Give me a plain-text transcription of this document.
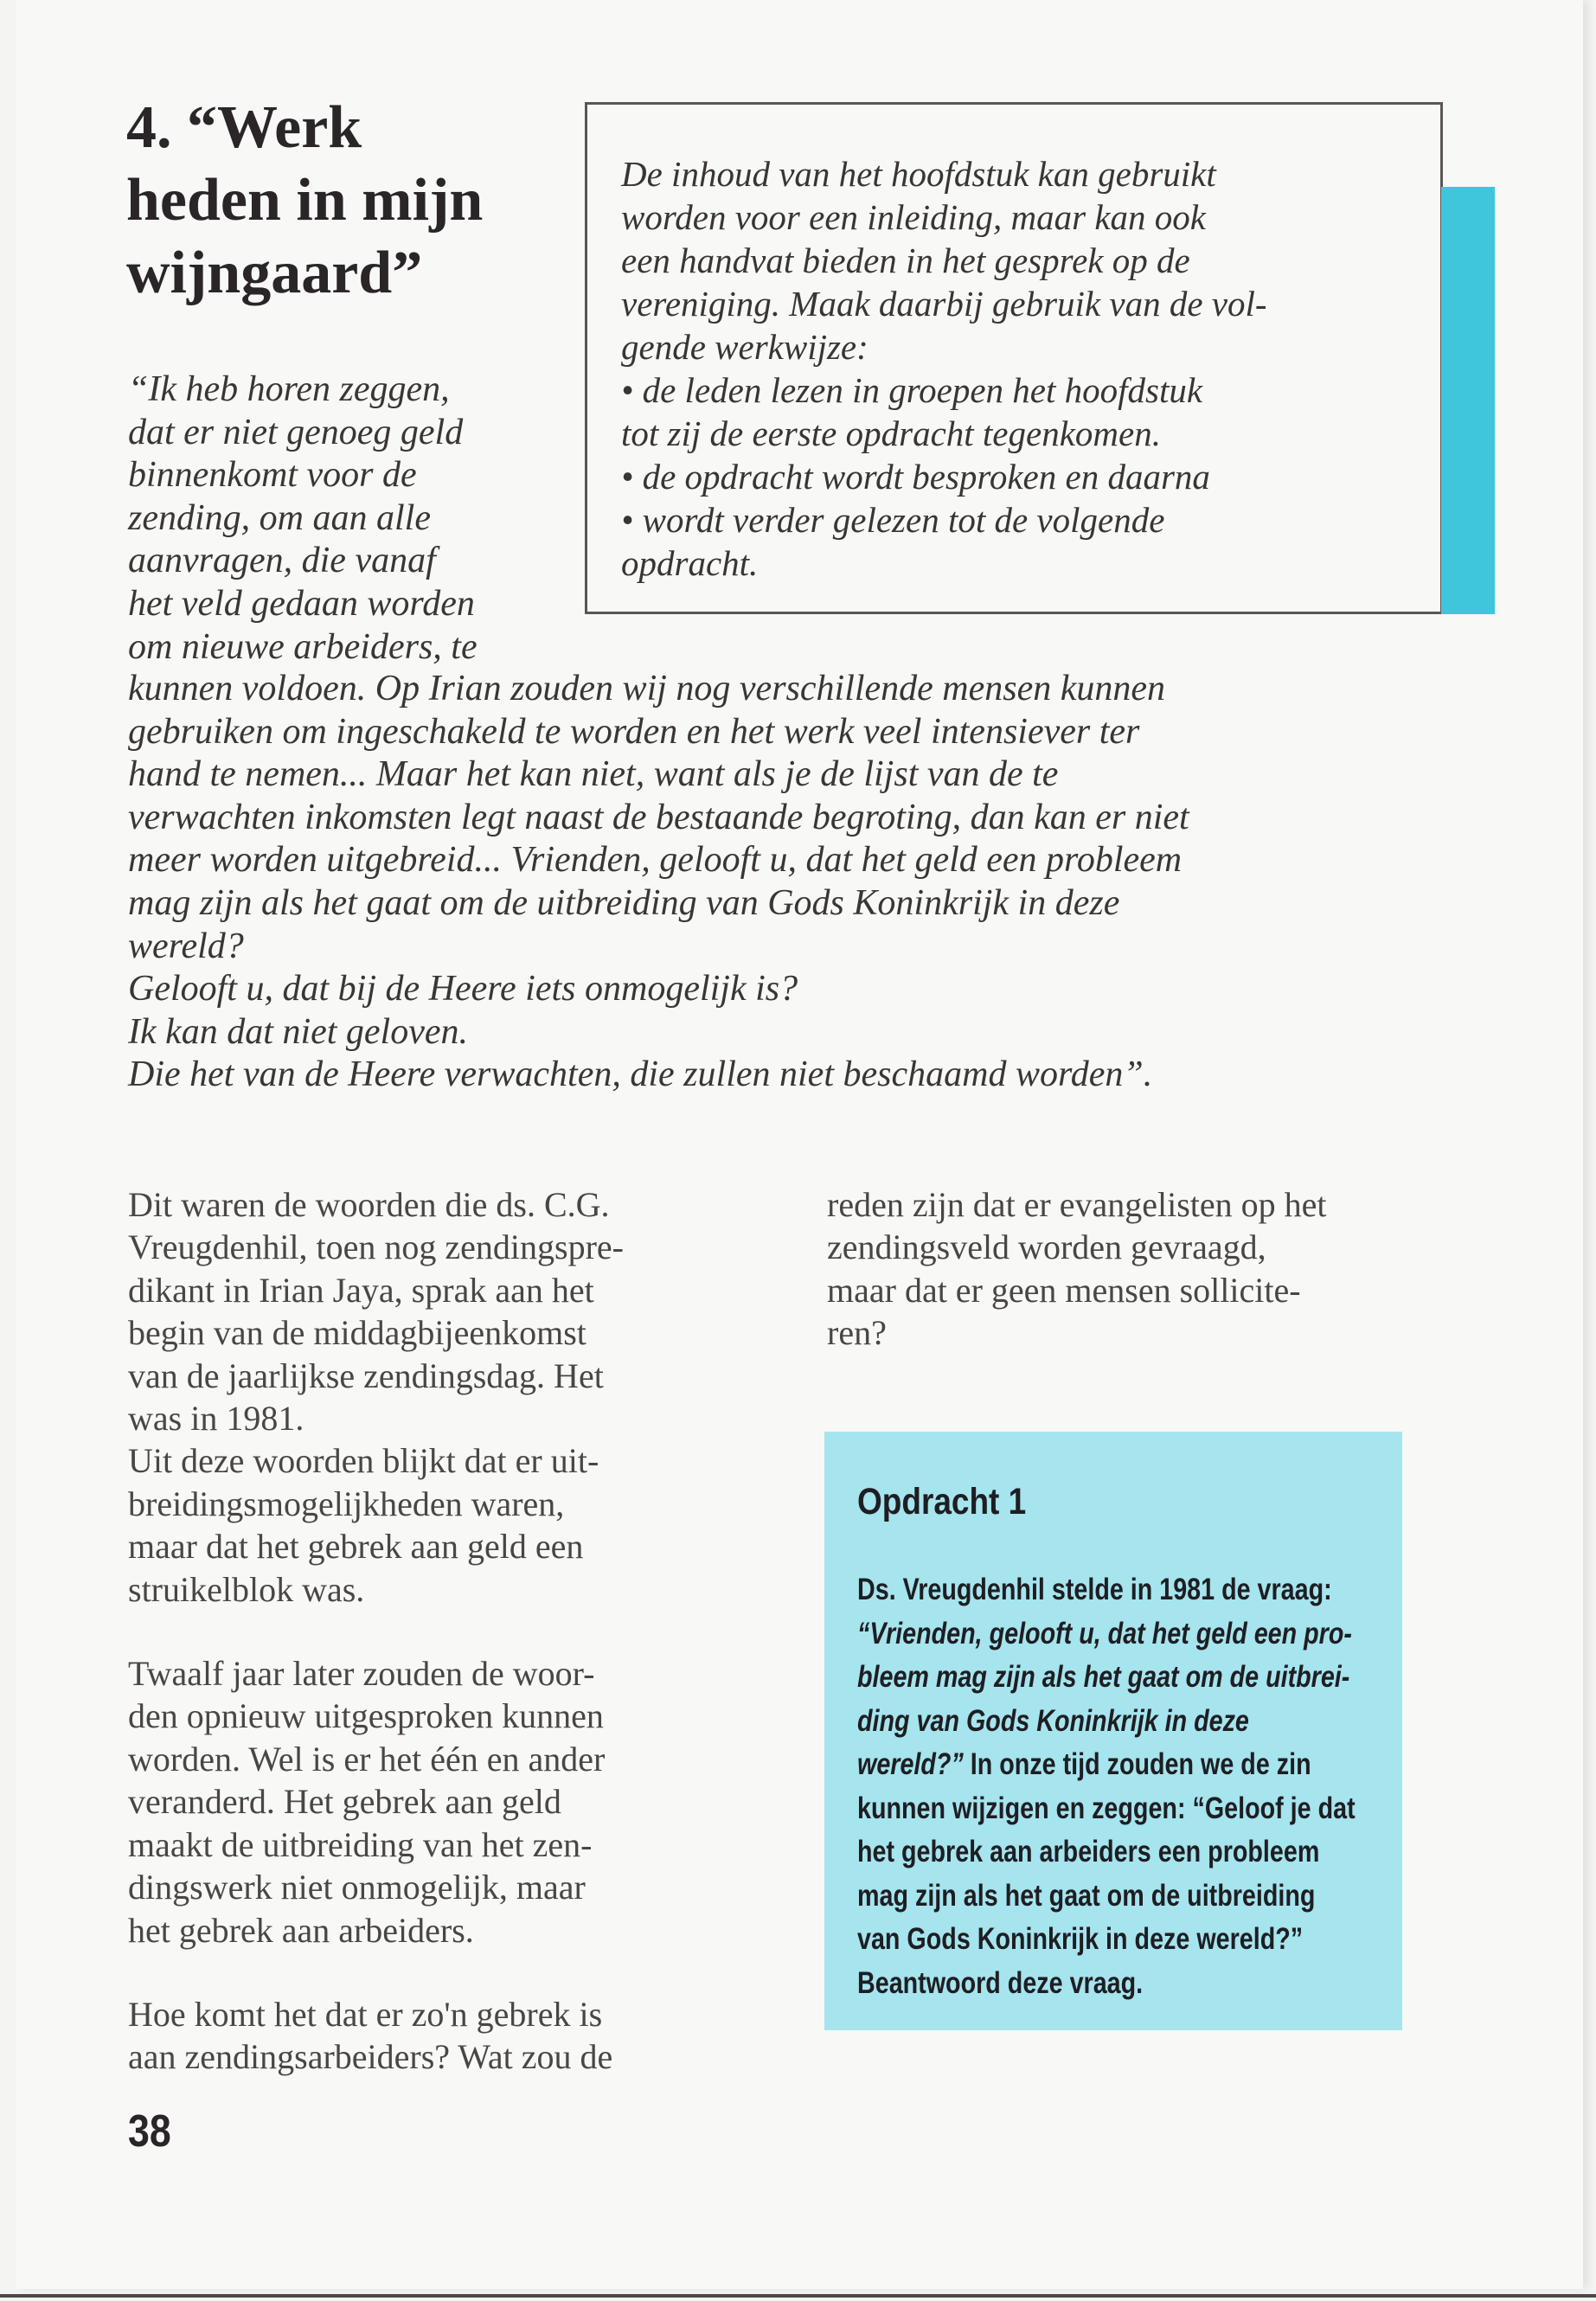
4. “Werk
heden in mijn
wijngaard”

De inhoud van het hoofdstuk kan gebruikt
worden voor een inleiding, maar kan ook
een handvat bieden in het gesprek op de
vereniging. Maak daarbij gebruik van de vol-
gende werkwijze:
• de leden lezen in groepen het hoofdstuk
tot zij de eerste opdracht tegenkomen.
• de opdracht wordt besproken en daarna
• wordt verder gelezen tot de volgende
opdracht.

“Ik heb horen zeggen,
dat er niet genoeg geld
binnenkomt voor de
zending, om aan alle
aanvragen, die vanaf
het veld gedaan worden
om nieuwe arbeiders, te

kunnen voldoen. Op Irian zouden wij nog verschillende mensen kunnen
gebruiken om ingeschakeld te worden en het werk veel intensiever ter
hand te nemen... Maar het kan niet, want als je de lijst van de te
verwachten inkomsten legt naast de bestaande begroting, dan kan er niet
meer worden uitgebreid... Vrienden, gelooft u, dat het geld een probleem
mag zijn als het gaat om de uitbreiding van Gods Koninkrijk in deze
wereld?
Gelooft u, dat bij de Heere iets onmogelijk is?
Ik kan dat niet geloven.
Die het van de Heere verwachten, die zullen niet beschaamd worden”.

Dit waren de woorden die ds. C.G.
Vreugdenhil, toen nog zendingspre-
dikant in Irian Jaya, sprak aan het
begin van de middagbijeenkomst
van de jaarlijkse zendingsdag. Het
was in 1981.
Uit deze woorden blijkt dat er uit-
breidingsmogelijkheden waren,
maar dat het gebrek aan geld een
struikelblok was.
Twaalf jaar later zouden de woor-
den opnieuw uitgesproken kunnen
worden. Wel is er het één en ander
veranderd. Het gebrek aan geld
maakt de uitbreiding van het zen-
dingswerk niet onmogelijk, maar
het gebrek aan arbeiders.
Hoe komt het dat er zo'n gebrek is
aan zendingsarbeiders? Wat zou de
reden zijn dat er evangelisten op het
zendingsveld worden gevraagd,
maar dat er geen mensen sollicite-
ren?
Opdracht 1

Ds. Vreugdenhil stelde in 1981 de vraag:
“Vrienden, gelooft u, dat het geld een pro-
bleem mag zijn als het gaat om de uitbrei-
ding van Gods Koninkrijk in deze
wereld?” In onze tijd zouden we de zin
kunnen wijzigen en zeggen: “Geloof je dat
het gebrek aan arbeiders een probleem
mag zijn als het gaat om de uitbreiding
van Gods Koninkrijk in deze wereld?”
Beantwoord deze vraag.

38
